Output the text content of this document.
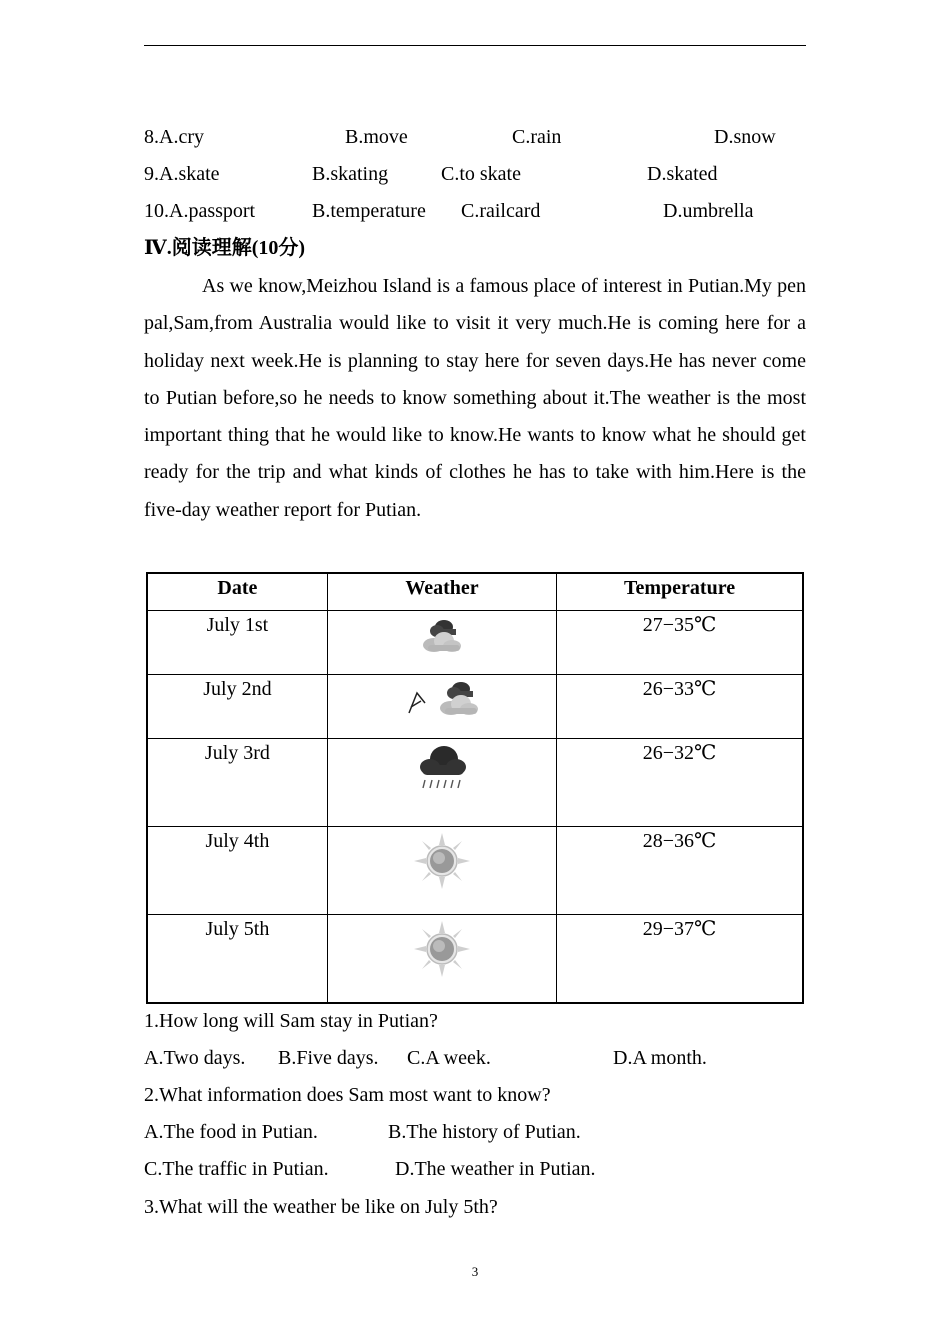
8.A.cry	B.move	C.rain	D.snow
9.A.skate	B.skating	C.to skate	D.skated
10.A.passport	B.temperature C.railcard	D.umbrella
Ⅳ.阅读理解(10分)
As we know,Meizhou Island is a famous place of interest in Putian.My pen pal,Sam,from Australia would like to visit it very much.He is coming here for a holiday next week.He is planning to stay here for seven days.He has never come to Putian before,so he needs to know something about it.The weather is the most important thing that he would like to know.He wants to know what he should get ready for the trip and what kinds of clothes he has to take with him.Here is the five-day weather report for Putian.
Date	Weather	Temperature
July 1st		27−35℃
July 2nd		26−33℃
July 3rd		26−32℃
July 4th		28−36℃
July 5th		29−37℃
1.How long will Sam stay in Putian?
A.Two days. B.Five days. C.A week.	D.A month.
2.What information does Sam most want to know?
A.The food in Putian.	B.The history of Putian.
C.The traffic in Putian.	D.The weather in Putian.
3.What will the weather be like on July 5th?
3
